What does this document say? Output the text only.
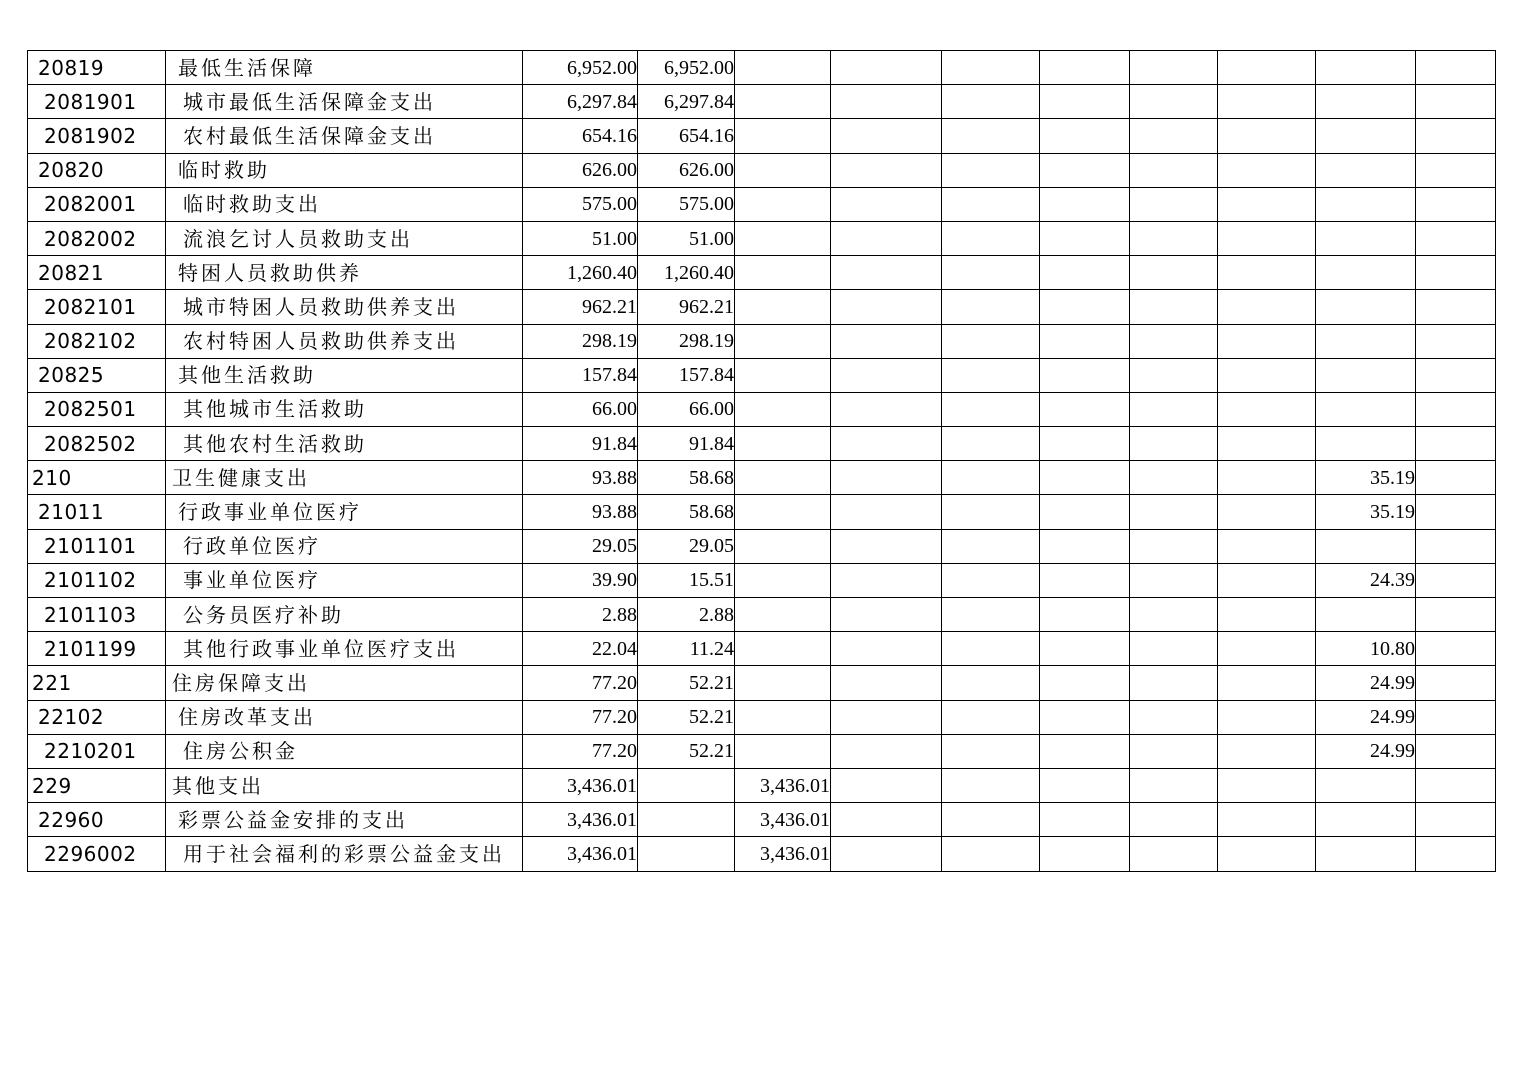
20819	最低生活保障	6,952.00	6,952.00									
2081901	城市最低生活保障金支出	6,297.84	6,297.84									
2081902	农村最低生活保障金支出	654.16	654.16									
20820	临时救助	626.00	626.00									
2082001	临时救助支出	575.00	575.00									
2082002	流浪乞讨人员救助支出	51.00	51.00									
20821	特困人员救助供养	1,260.40	1,260.40									
2082101	城市特困人员救助供养支出	962.21	962.21									
2082102	农村特困人员救助供养支出	298.19	298.19									
20825	其他生活救助	157.84	157.84									
2082501	其他城市生活救助	66.00	66.00									
2082502	其他农村生活救助	91.84	91.84									
210	卫生健康支出	93.88	58.68							35.19		
21011	行政事业单位医疗	93.88	58.68							35.19		
2101101	行政单位医疗	29.05	29.05									
2101102	事业单位医疗	39.90	15.51							24.39		
2101103	公务员医疗补助	2.88	2.88									
2101199	其他行政事业单位医疗支出	22.04	11.24							10.80		
221	住房保障支出	77.20	52.21							24.99		
22102	住房改革支出	77.20	52.21							24.99		
2210201	住房公积金	77.20	52.21							24.99		
229	其他支出	3,436.01		3,436.01								
22960	彩票公益金安排的支出	3,436.01		3,436.01								
2296002	用于社会福利的彩票公益金支出	3,436.01		3,436.01								
